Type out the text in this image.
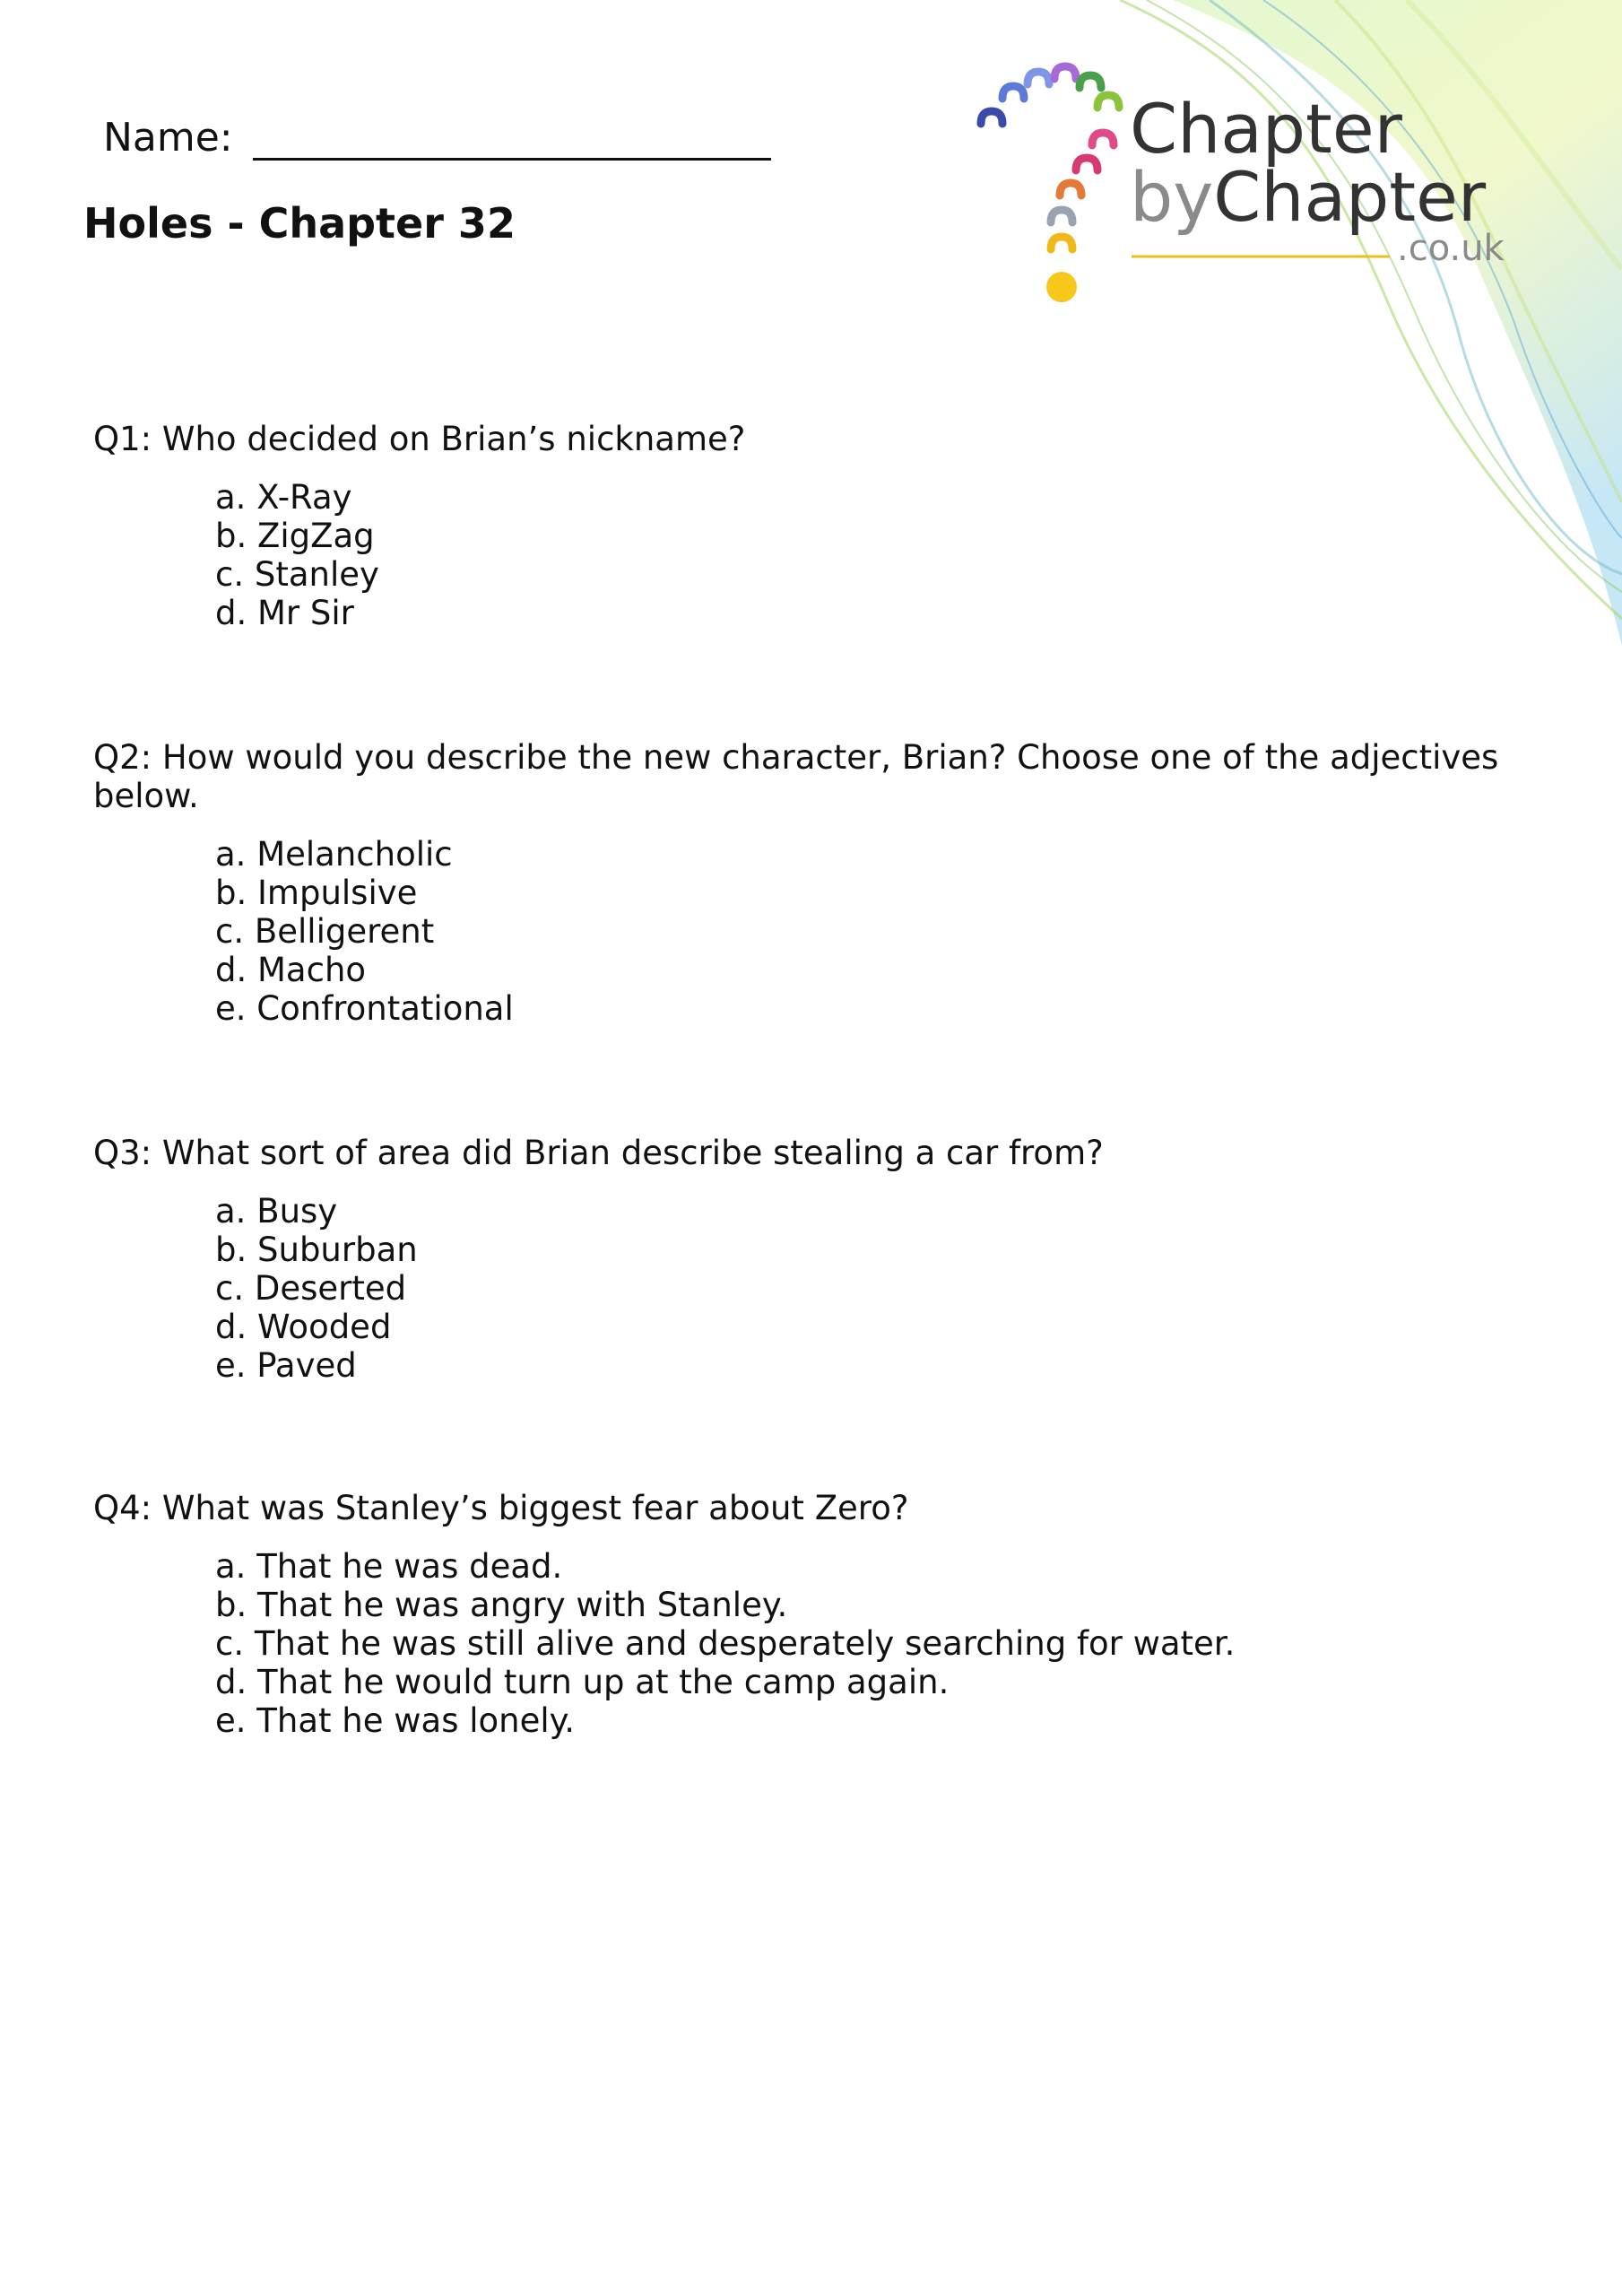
Chapter
byChapter
.co.uk
Name:
Holes - Chapter 32
Q1: Who decided on Brian’s nickname?
a. X-Ray
b. ZigZag
c. Stanley
d. Mr Sir
Q2: How would you describe the new character, Brian? Choose one of the adjectives below.
a. Melancholic
b. Impulsive
c. Belligerent
d. Macho
e. Confrontational
Q3: What sort of area did Brian describe stealing a car from?
a. Busy
b. Suburban
c. Deserted
d. Wooded
e. Paved
Q4: What was Stanley’s biggest fear about Zero?
a. That he was dead.
b. That he was angry with Stanley.
c. That he was still alive and desperately searching for water.
d. That he would turn up at the camp again.
e. That he was lonely.
